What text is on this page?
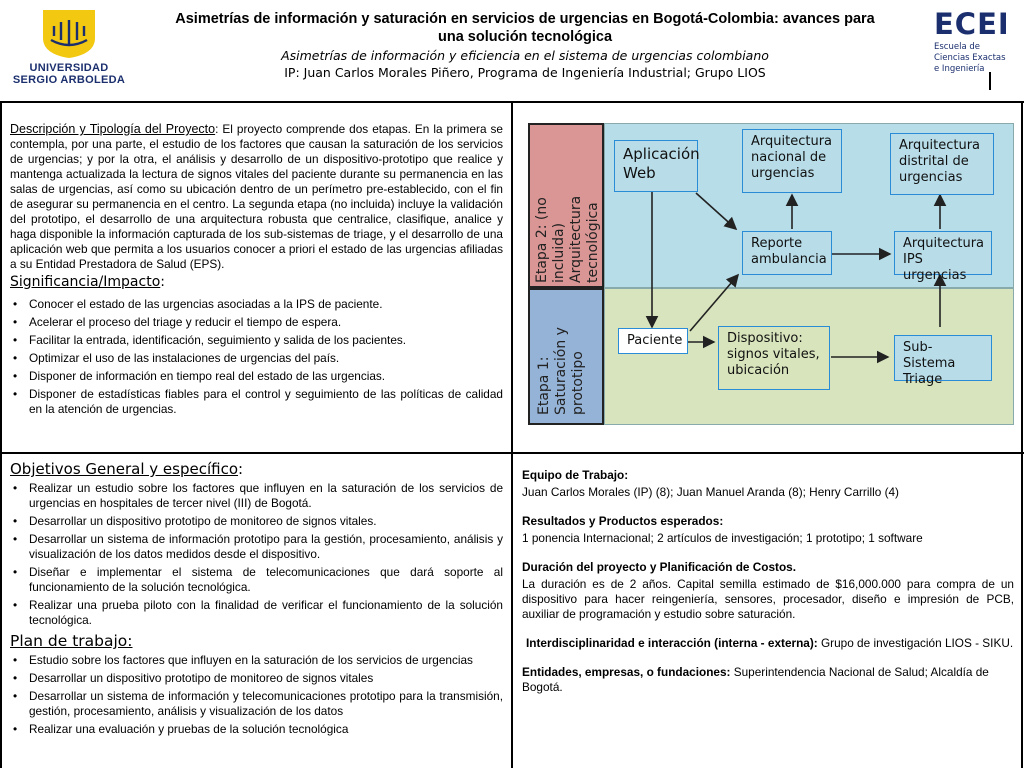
UNIVERSIDAD
SERGIO ARBOLEDA
Asimetrías de información y saturación en servicios de urgencias en Bogotá-Colombia: avances para
una solución tecnológica
Asimetrías de información y eficiencia en el sistema de urgencias colombiano
IP: Juan Carlos Morales Piñero, Programa de Ingeniería Industrial; Grupo LIOS
ECEI
Escuela de
Ciencias Exactas
e Ingeniería

Descripción y Tipología del Proyecto: El proyecto comprende dos etapas. En la primera se contempla, por una parte, el estudio de los factores que causan la saturación de los servicios de urgencias; y por la otra, el análisis y desarrollo de un dispositivo-prototipo que realice y mantenga actualizada la lectura de signos vitales del paciente durante su permanencia en las salas de urgencias, así como su ubicación dentro de un perímetro pre-establecido, con el fin de asegurar su permanencia en el centro. La segunda etapa (no incluida) incluye la validación del prototipo, el desarrollo de una arquitectura robusta que centralice, clasifique, analice y haga disponible la información capturada de los sub-sistemas de triage, y el desarrollo de una aplicación web que permita a los usuarios conocer a priori el estado de las urgencias afiliadas a su Entidad Prestadora de Salud (EPS).

Significancia/Impacto:
• Conocer el estado de las urgencias asociadas a la IPS de paciente.
• Acelerar el proceso del triage y reducir el tiempo de espera.
• Facilitar la entrada, identificación, seguimiento y salida de los pacientes.
• Optimizar el uso de las instalaciones de urgencias del país.
• Disponer de información en tiempo real del estado de las urgencias.
• Disponer de estadísticas fiables para el control y seguimiento de las políticas de calidad en la atención de urgencias.
Etapa 2: (no incluida) Arquitectura tecnológica
Etapa 1: Saturación y prototipo
Aplicación Web
Arquitectura nacional de urgencias
Arquitectura distrital de urgencias
Reporte ambulancia
Arquitectura IPS urgencias
Paciente	Dispositivo: signos vitales, ubicación
Sub-Sistema Triage
Objetivos General y específico:
• Realizar un estudio sobre los factores que influyen en la saturación de los servicios de urgencias en hospitales de tercer nivel (III) de Bogotá.
• Desarrollar un dispositivo prototipo de monitoreo de signos vitales.
• Desarrollar un sistema de información prototipo para la gestión, procesamiento, análisis y visualización de los datos medidos desde el dispositivo.
• Diseñar e implementar el sistema de telecomunicaciones que dará soporte al funcionamiento de la solución tecnológica.
• Realizar una prueba piloto con la finalidad de verificar el funcionamiento de la solución tecnológica.
Plan de trabajo:
• Estudio sobre los factores que influyen en la saturación de los servicios de urgencias
• Desarrollar un dispositivo prototipo de monitoreo de signos vitales
• Desarrollar un sistema de información y telecomunicaciones prototipo para la transmisión, gestión, procesamiento, análisis y visualización de los datos
• Realizar una evaluación y pruebas de la solución tecnológica

Equipo de Trabajo:

Juan Carlos Morales (IP) (8); Juan Manuel Aranda (8); Henry Carrillo (4)

Resultados y Productos esperados:

1 ponencia Internacional; 2 artículos de investigación; 1 prototipo; 1 software

Duración del proyecto y Planificación de Costos.

La duración es de 2 años. Capital semilla estimado de $16,000.000 para compra de un dispositivo para hacer reingeniería, sensores, procesador, diseño e impresión de PCB, auxiliar de programación y estudio sobre saturación.

Interdisciplinaridad e interacción (interna - externa): Grupo de investigación LIOS - SIKU.

Entidades, empresas, o fundaciones: Superintendencia Nacional de Salud; Alcaldía de Bogotá.
